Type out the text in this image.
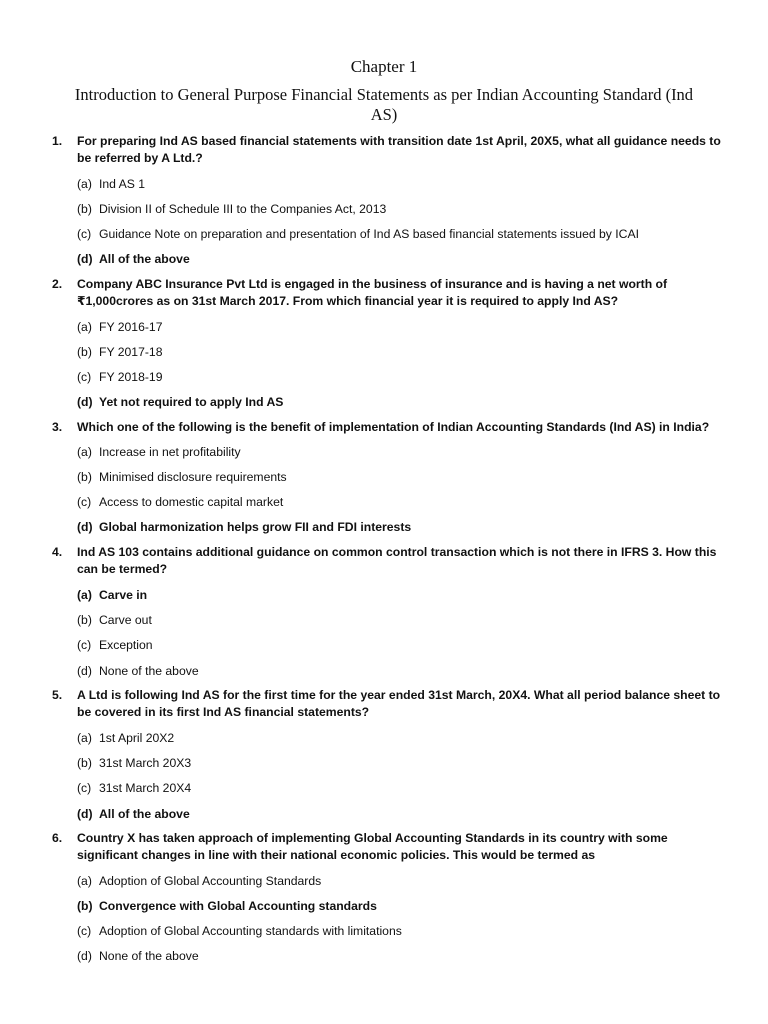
Chapter 1
Introduction to General Purpose Financial Statements as per Indian Accounting Standard (Ind AS)
1. For preparing Ind AS based financial statements with transition date 1st April, 20X5, what all guidance needs to be referred by A Ltd.?
(a) Ind AS 1
(b) Division II of Schedule III to the Companies Act, 2013
(c) Guidance Note on preparation and presentation of Ind AS based financial statements issued by ICAI
(d) All of the above
2. Company ABC Insurance Pvt Ltd is engaged in the business of insurance and is having a net worth of ₹1,000crores as on 31st March 2017. From which financial year it is required to apply Ind AS?
(a) FY 2016-17
(b) FY 2017-18
(c) FY 2018-19
(d) Yet not required to apply Ind AS
3. Which one of the following is the benefit of implementation of Indian Accounting Standards (Ind AS) in India?
(a) Increase in net profitability
(b) Minimised disclosure requirements
(c) Access to domestic capital market
(d) Global harmonization helps grow FII and FDI interests
4. Ind AS 103 contains additional guidance on common control transaction which is not there in IFRS 3. How this can be termed?
(a) Carve in
(b) Carve out
(c) Exception
(d) None of the above
5. A Ltd is following Ind AS for the first time for the year ended 31st March, 20X4. What all period balance sheet to be covered in its first Ind AS financial statements?
(a) 1st April 20X2
(b) 31st March 20X3
(c) 31st March 20X4
(d) All of the above
6. Country X has taken approach of implementing Global Accounting Standards in its country with some significant changes in line with their national economic policies. This would be termed as
(a) Adoption of Global Accounting Standards
(b) Convergence with Global Accounting standards
(c) Adoption of Global Accounting standards with limitations
(d) None of the above
